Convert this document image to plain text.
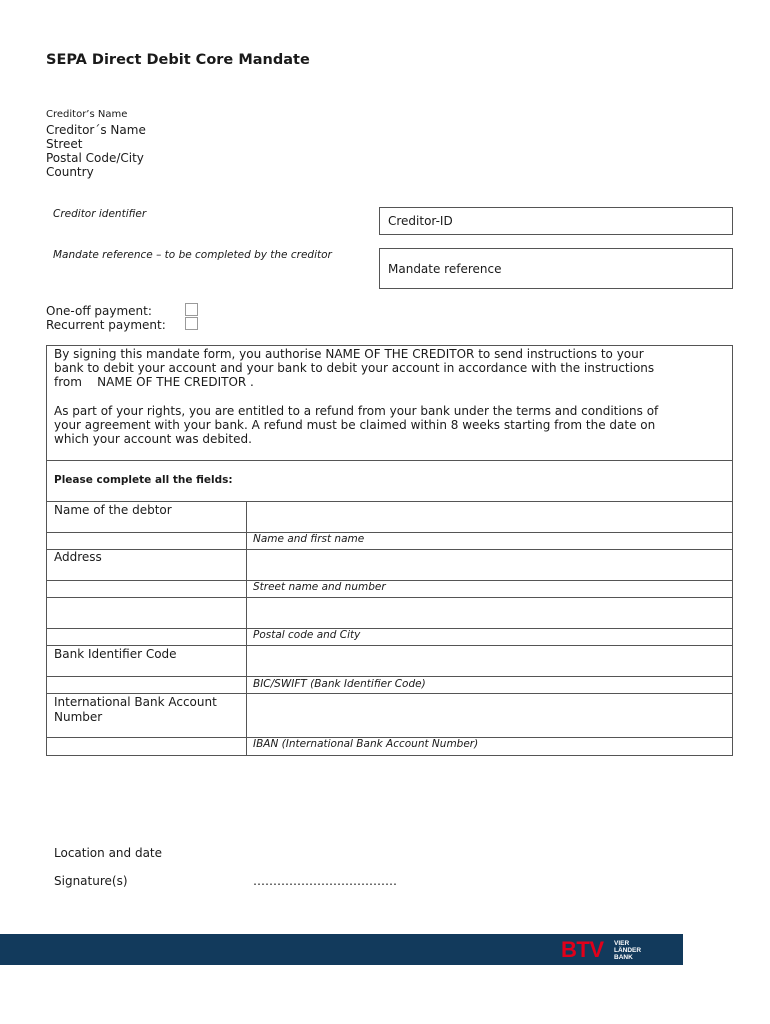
SEPA Direct Debit Core Mandate
Creditor’s Name
Creditor´s Name
Street
Postal Code/City
Country
Creditor identifier	Creditor-ID
Mandate reference – to be completed by the creditor
Mandate reference
One-off payment:
Recurrent payment:
By signing this mandate form, you authorise NAME OF THE CREDITOR to send instructions to your
bank to debit your account and your bank to debit your account in accordance with the instructions
from    NAME OF THE CREDITOR .
As part of your rights, you are entitled to a refund from your bank under the terms and conditions of
your agreement with your bank. A refund must be claimed within 8 weeks starting from the date on
which your account was debited.
Please complete all the fields:
Name of the debtor
Name and first name
Address
Street name and number
Postal code and City
Bank Identifier Code
BIC/SWIFT (Bank Identifier Code)
International Bank Account
Number
IBAN (International Bank Account Number)
Location and date
Signature(s)	………………………………
BTV VIER
LÄNDER
BANK
